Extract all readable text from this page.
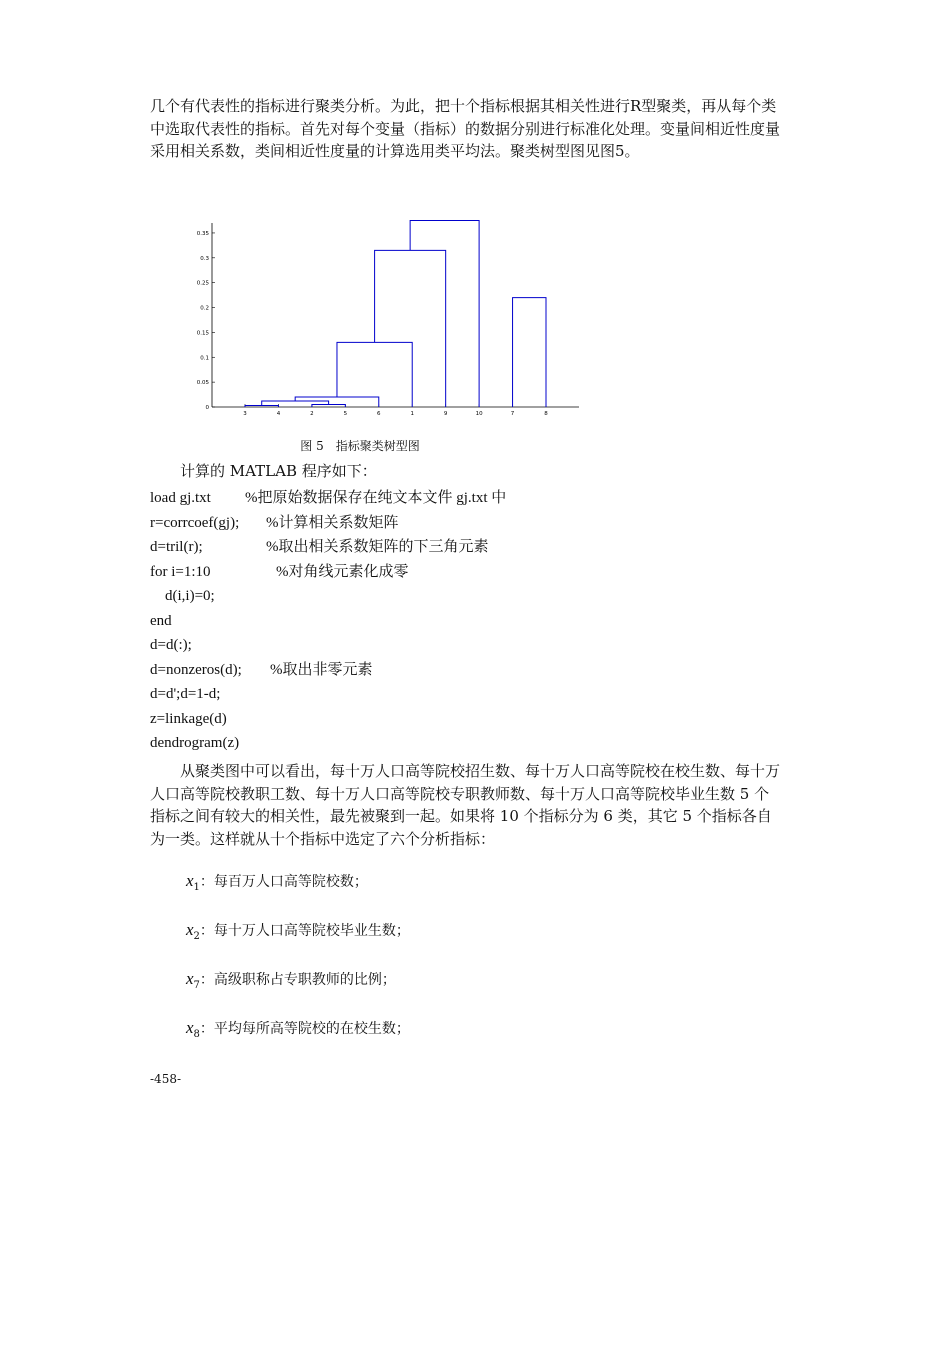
几个有代表性的指标进行聚类分析。为此，把十个指标根据其相关性进行R型聚类，再从每个类中选取代表性的指标。首先对每个变量（指标）的数据分别进行标准化处理。变量间相近性度量采用相关系数，类间相近性度量的计算选用类平均法。聚类树型图见图5。
0
0.05
0.1
0.15
0.2
0.25
0.3
0.35
3	4	2	5	6	1	9	10	7	8
图 5　指标聚类树型图
计算的 MATLAB 程序如下：
load gj.txt %把原始数据保存在纯文本文件 gj.txt 中
r=corrcoef(gj); %计算相关系数矩阵
d=tril(r);	%取出相关系数矩阵的下三角元素
for i=1:10	%对角线元素化成零
d(i,i)=0;
end
d=d(:);
d=nonzeros(d); %取出非零元素
d=d';d=1-d;
z=linkage(d)
dendrogram(z)
从聚类图中可以看出，每十万人口高等院校招生数、每十万人口高等院校在校生数、每十万人口高等院校教职工数、每十万人口高等院校专职教师数、每十万人口高等院校毕业生数 5 个指标之间有较大的相关性，最先被聚到一起。如果将 10 个指标分为 6 类，其它 5 个指标各自为一类。这样就从十个指标中选定了六个分析指标：
$x_1$：每百万人口高等院校数；
$x_2$：每十万人口高等院校毕业生数；
$x_7$：高级职称占专职教师的比例；
$x_8$：平均每所高等院校的在校生数；
-458-
